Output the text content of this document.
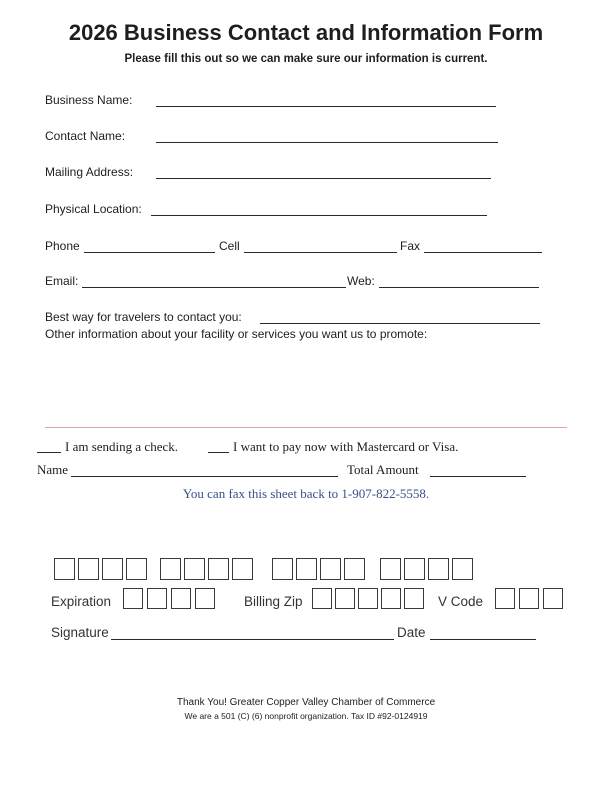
2026 Business Contact and Information Form
Please fill this out so we can make sure our information is current.
Business Name:
Contact Name:
Mailing Address:
Physical Location:
Phone	Cell	Fax
Email:	Web:
Best way for travelers to contact you:
Other information about your facility or services you want us to promote:
I am sending a check.	I want to pay now with Mastercard or Visa.
Name	Total Amount
You can fax this sheet back to 1-907-822-5558.
Expiration	Billing Zip	V Code
Signature	Date
Thank You! Greater Copper Valley Chamber of Commerce
We are a 501 (C) (6) nonprofit organization. Tax ID #92-0124919
